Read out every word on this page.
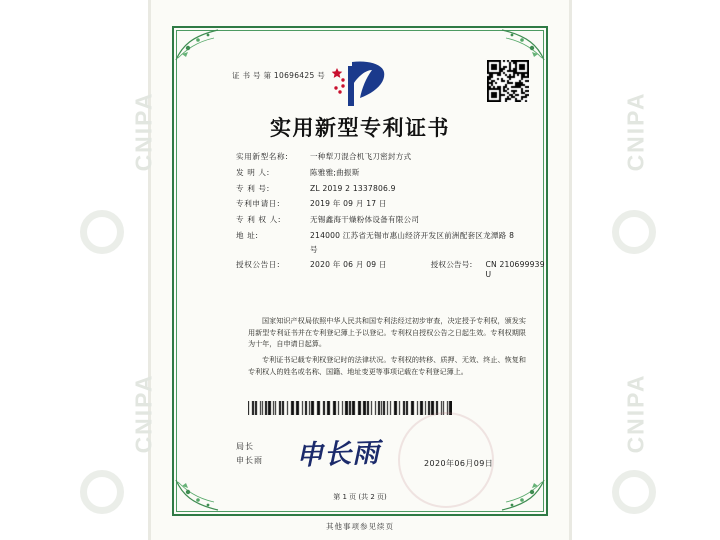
CNIPA
CNIPA
CNIPA
CNIPA
证 书 号 第 10696425 号
实用新型专利证书
实用新型名称:	一种犁刀混合机飞刀密封方式
发 明 人:	陈雅雅;曲振斯
专 利 号:	ZL 2019 2 1337806.9
专利申请日:	2019 年 09 月 17 日
专 利 权 人:	无锡鑫海干燥粉体设备有限公司
地 址:	214000 江苏省无锡市惠山经济开发区前洲配套区龙潭路 8
号
授权公告日:	2020 年 06 月 09 日	授权公告号:	CN 210699939 U

国家知识产权局依照中华人民共和国专利法经过初步审查，决定授予专利权，颁发实用新型专利证书并在专利登记簿上予以登记。专利权自授权公告之日起生效。专利权期限为十年，自申请日起算。

专利证书记载专利权登记时的法律状况。专利权的转移、质押、无效、终止、恢复和专利权人的姓名或名称、国籍、地址变更等事项记载在专利登记簿上。

局长
申长雨 申长雨	2020年06月09日
第 1 页 (共 2 页)
其他事项参见续页
